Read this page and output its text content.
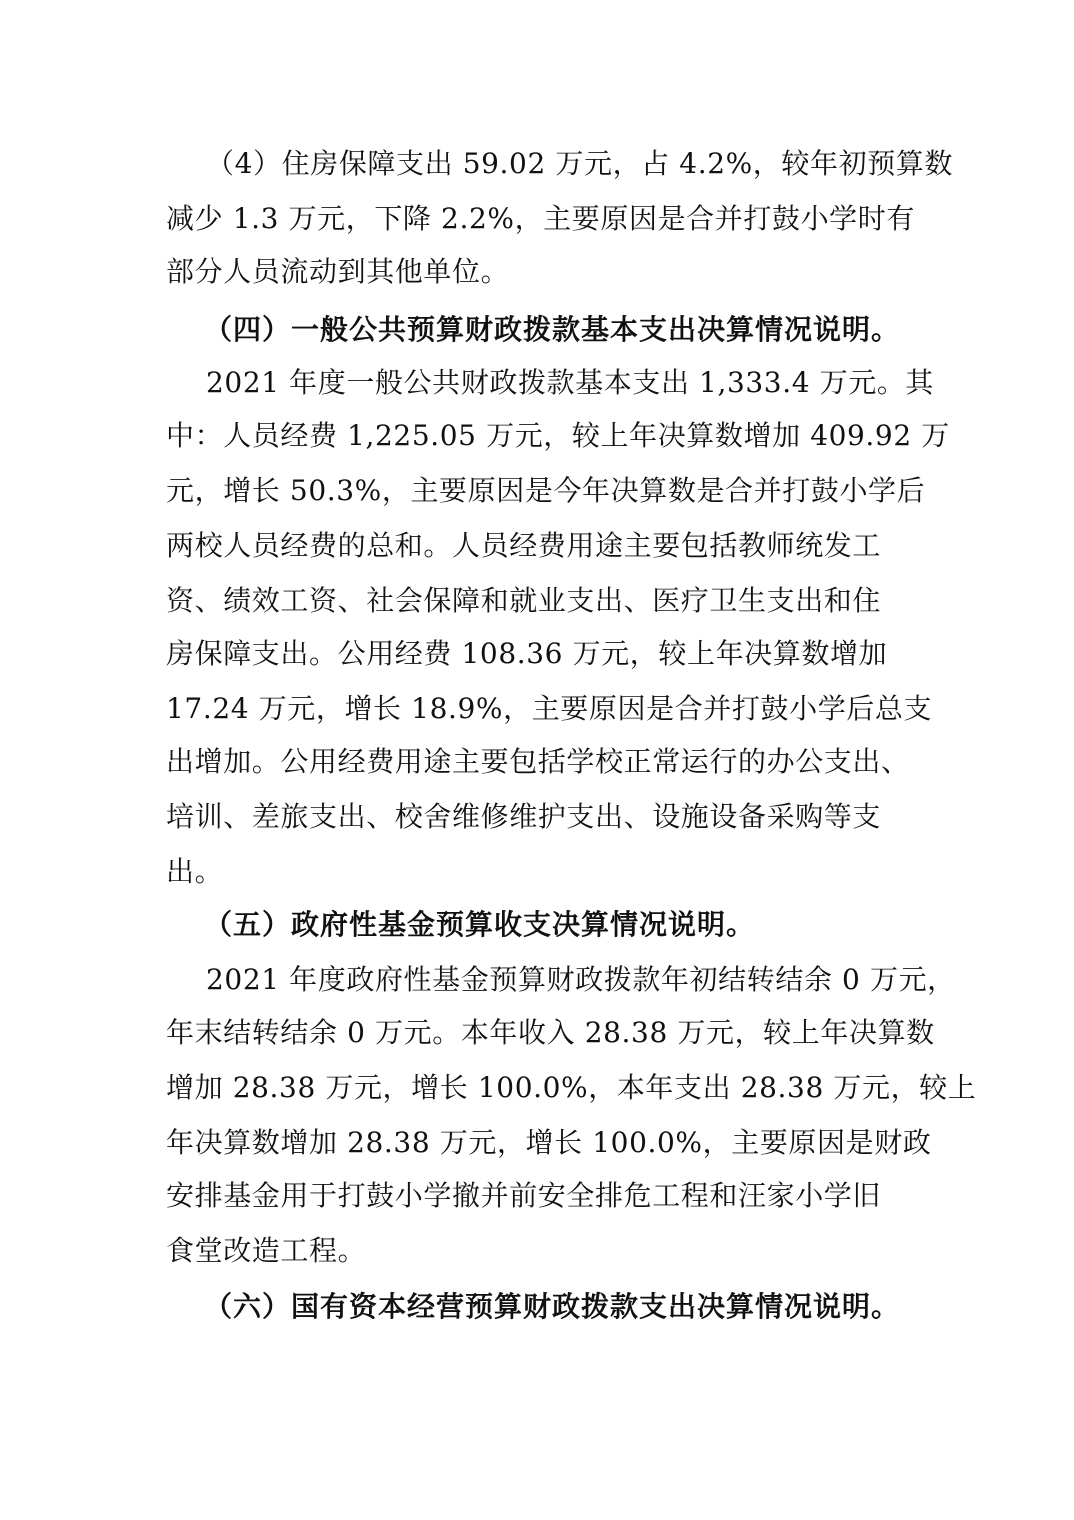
（4）住房保障支出 59.02 万元，占 4.2%，较年初预算数
减少 1.3 万元，下降 2.2%，主要原因是合并打鼓小学时有
部分人员流动到其他单位。
（四）一般公共预算财政拨款基本支出决算情况说明。
2021 年度一般公共财政拨款基本支出 1,333.4 万元。其
中：人员经费 1,225.05 万元，较上年决算数增加 409.92 万
元，增长 50.3%，主要原因是今年决算数是合并打鼓小学后
两校人员经费的总和。人员经费用途主要包括教师统发工
资、绩效工资、社会保障和就业支出、医疗卫生支出和住
房保障支出。公用经费 108.36 万元，较上年决算数增加
17.24 万元，增长 18.9%，主要原因是合并打鼓小学后总支
出增加。公用经费用途主要包括学校正常运行的办公支出、
培训、差旅支出、校舍维修维护支出、设施设备采购等支
出。
（五）政府性基金预算收支决算情况说明。
2021 年度政府性基金预算财政拨款年初结转结余 0 万元，
年末结转结余 0 万元。本年收入 28.38 万元，较上年决算数
增加 28.38 万元，增长 100.0%，本年支出 28.38 万元，较上
年决算数增加 28.38 万元，增长 100.0%，主要原因是财政
安排基金用于打鼓小学撤并前安全排危工程和汪家小学旧
食堂改造工程。
（六）国有资本经营预算财政拨款支出决算情况说明。
